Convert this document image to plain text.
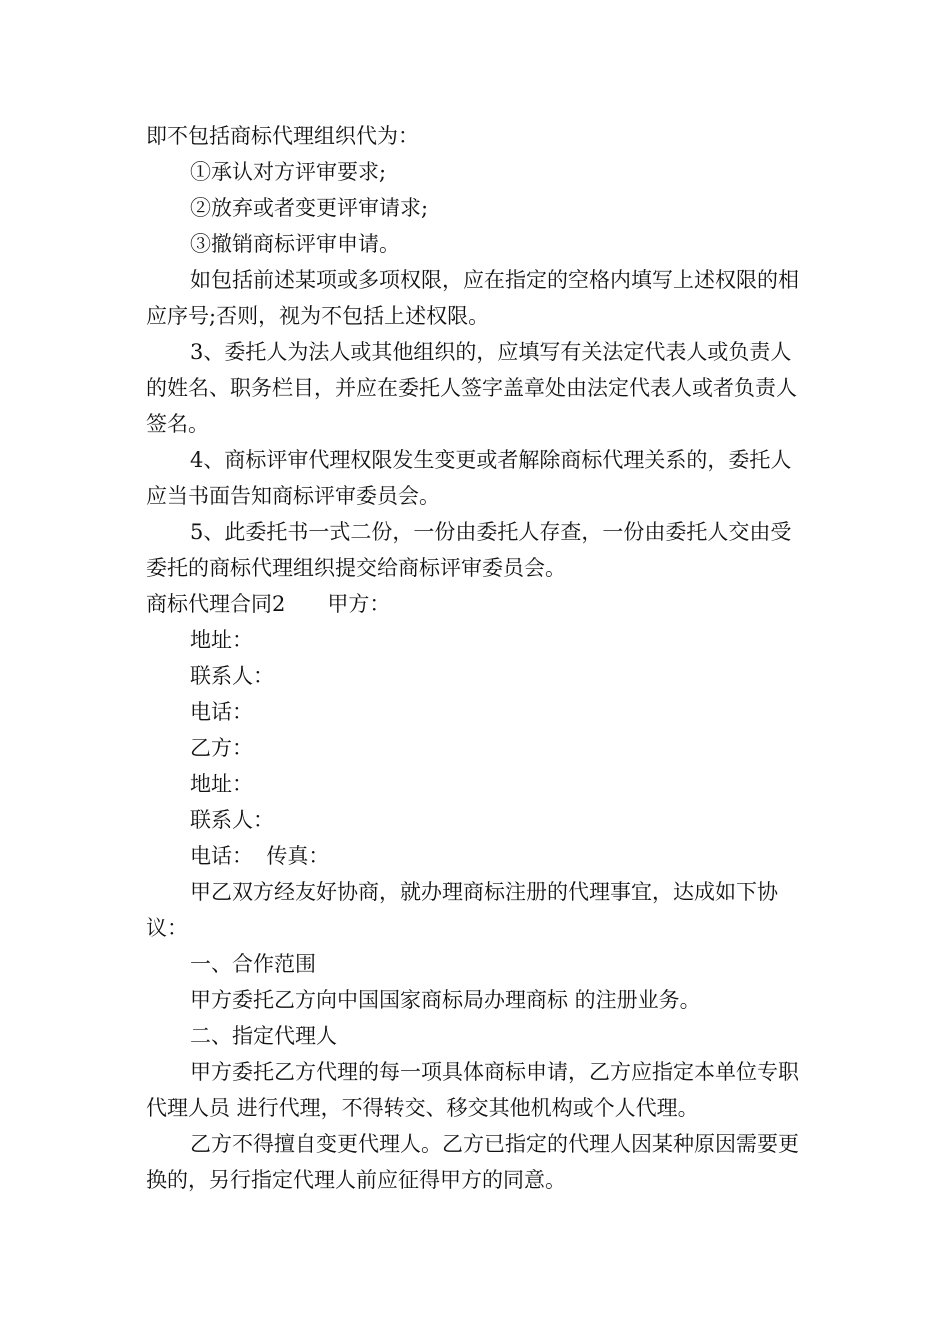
即不包括商标代理组织代为：

①承认对方评审要求;

②放弃或者变更评审请求;

③撤销商标评审申请。

如包括前述某项或多项权限，应在指定的空格内填写上述权限的相应序号;否则，视为不包括上述权限。

3、委托人为法人或其他组织的，应填写有关法定代表人或负责人的姓名、职务栏目，并应在委托人签字盖章处由法定代表人或者负责人签名。

4、商标评审代理权限发生变更或者解除商标代理关系的，委托人应当书面告知商标评审委员会。

5、此委托书一式二份，一份由委托人存查，一份由委托人交由受委托的商标代理组织提交给商标评审委员会。

商标代理合同2　　甲方：

地址：

联系人：

电话：

乙方：

地址：

联系人：

电话：  传真：

甲乙双方经友好协商，就办理商标注册的代理事宜，达成如下协议：

一、合作范围

甲方委托乙方向中国国家商标局办理商标 的注册业务。

二、指定代理人

甲方委托乙方代理的每一项具体商标申请，乙方应指定本单位专职代理人员 进行代理，不得转交、移交其他机构或个人代理。

乙方不得擅自变更代理人。乙方已指定的代理人因某种原因需要更换的，另行指定代理人前应征得甲方的同意。
